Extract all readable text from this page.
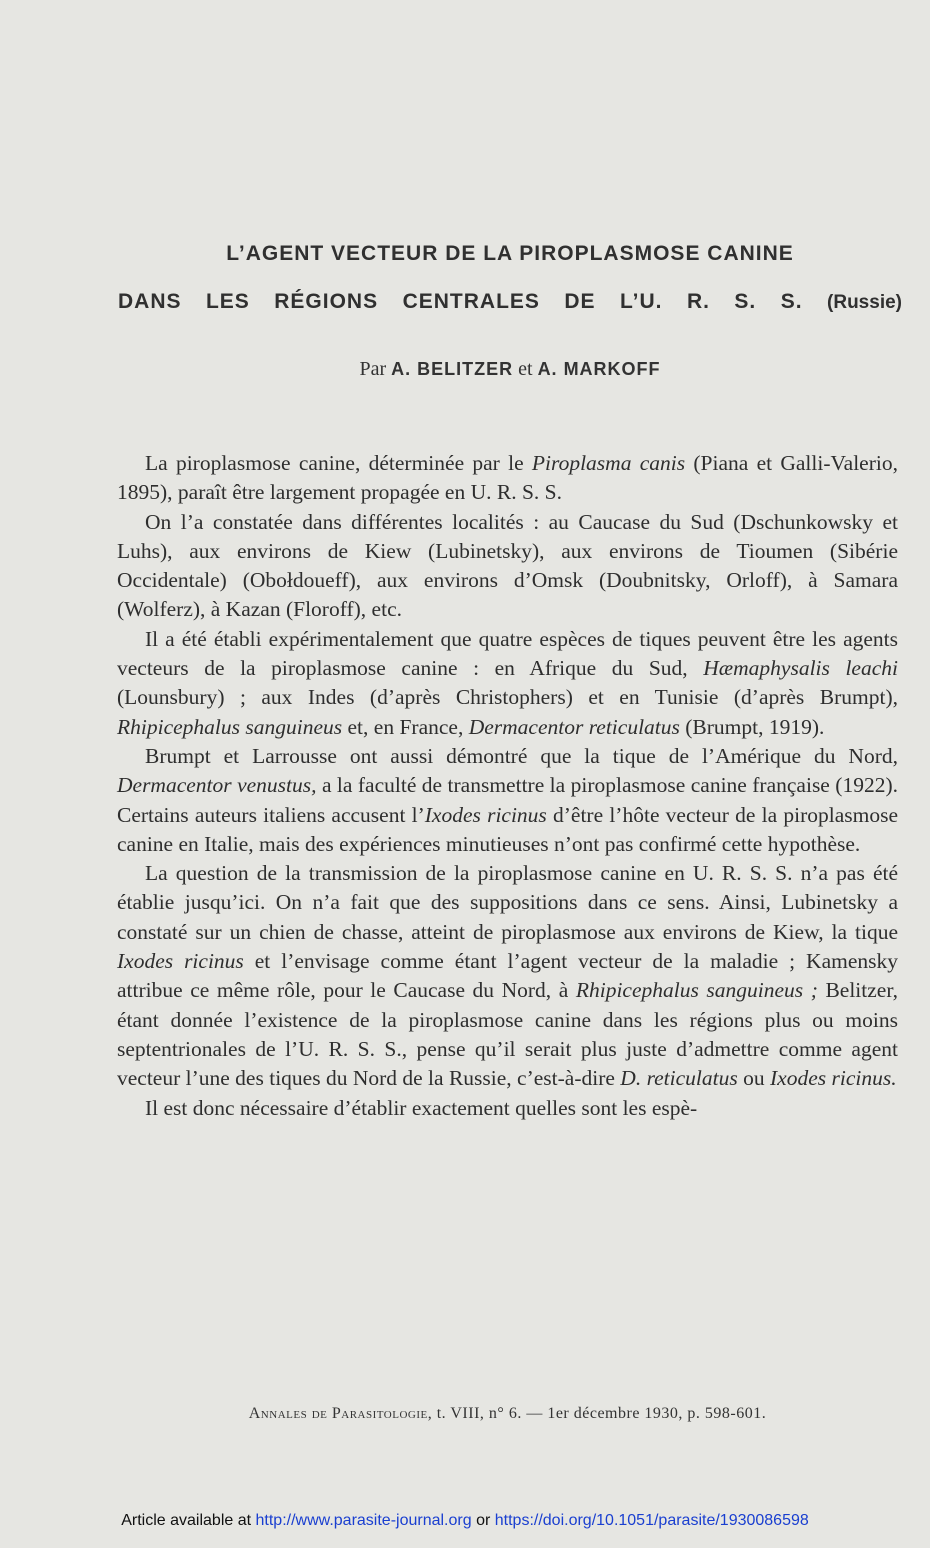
L’AGENT VECTEUR DE LA PIROPLASMOSE CANINE
DANS LES RÉGIONS CENTRALES DE L’U. R. S. S. (Russie)
Par A. BELITZER et A. MARKOFF

La piroplasmose canine, déterminée par le Piroplasma canis (Piana et Galli-Valerio, 1895), paraît être largement propagée en U. R. S. S.

On l’a constatée dans différentes localités : au Caucase du Sud (Dschunkowsky et Luhs), aux environs de Kiew (Lubinetsky), aux environs de Tioumen (Sibérie Occidentale) (Obołdoueff), aux environs d’Omsk (Doubnitsky, Orloff), à Samara (Wolferz), à Kazan (Floroff), etc.

Il a été établi expérimentalement que quatre espèces de tiques peuvent être les agents vecteurs de la piroplasmose canine : en Afrique du Sud, Hæmaphysalis leachi (Lounsbury) ; aux Indes (d’après Christophers) et en Tunisie (d’après Brumpt), Rhipicephalus sanguineus et, en France, Dermacentor reticulatus (Brumpt, 1919).

Brumpt et Larrousse ont aussi démontré que la tique de l’Amérique du Nord, Dermacentor venustus, a la faculté de transmettre la piroplasmose canine française (1922). Certains auteurs italiens accusent l’Ixodes ricinus d’être l’hôte vecteur de la piroplasmose canine en Italie, mais des expériences minutieuses n’ont pas confirmé cette hypothèse.

La question de la transmission de la piroplasmose canine en U. R. S. S. n’a pas été établie jusqu’ici. On n’a fait que des suppositions dans ce sens. Ainsi, Lubinetsky a constaté sur un chien de chasse, atteint de piroplasmose aux environs de Kiew, la tique Ixodes ricinus et l’envisage comme étant l’agent vecteur de la maladie ; Kamensky attribue ce même rôle, pour le Caucase du Nord, à Rhipicephalus sanguineus ; Belitzer, étant donnée l’existence de la piroplasmose canine dans les régions plus ou moins septentrionales de l’U. R. S. S., pense qu’il serait plus juste d’admettre comme agent vecteur l’une des tiques du Nord de la Russie, c’est-à-dire D. reticulatus ou Ixodes ricinus.

Il est donc nécessaire d’établir exactement quelles sont les espè-

Annales de Parasitologie, t. VIII, n° 6. — 1er décembre 1930, p. 598-601.
Article available at http://www.parasite-journal.org or https://doi.org/10.1051/parasite/1930086598
